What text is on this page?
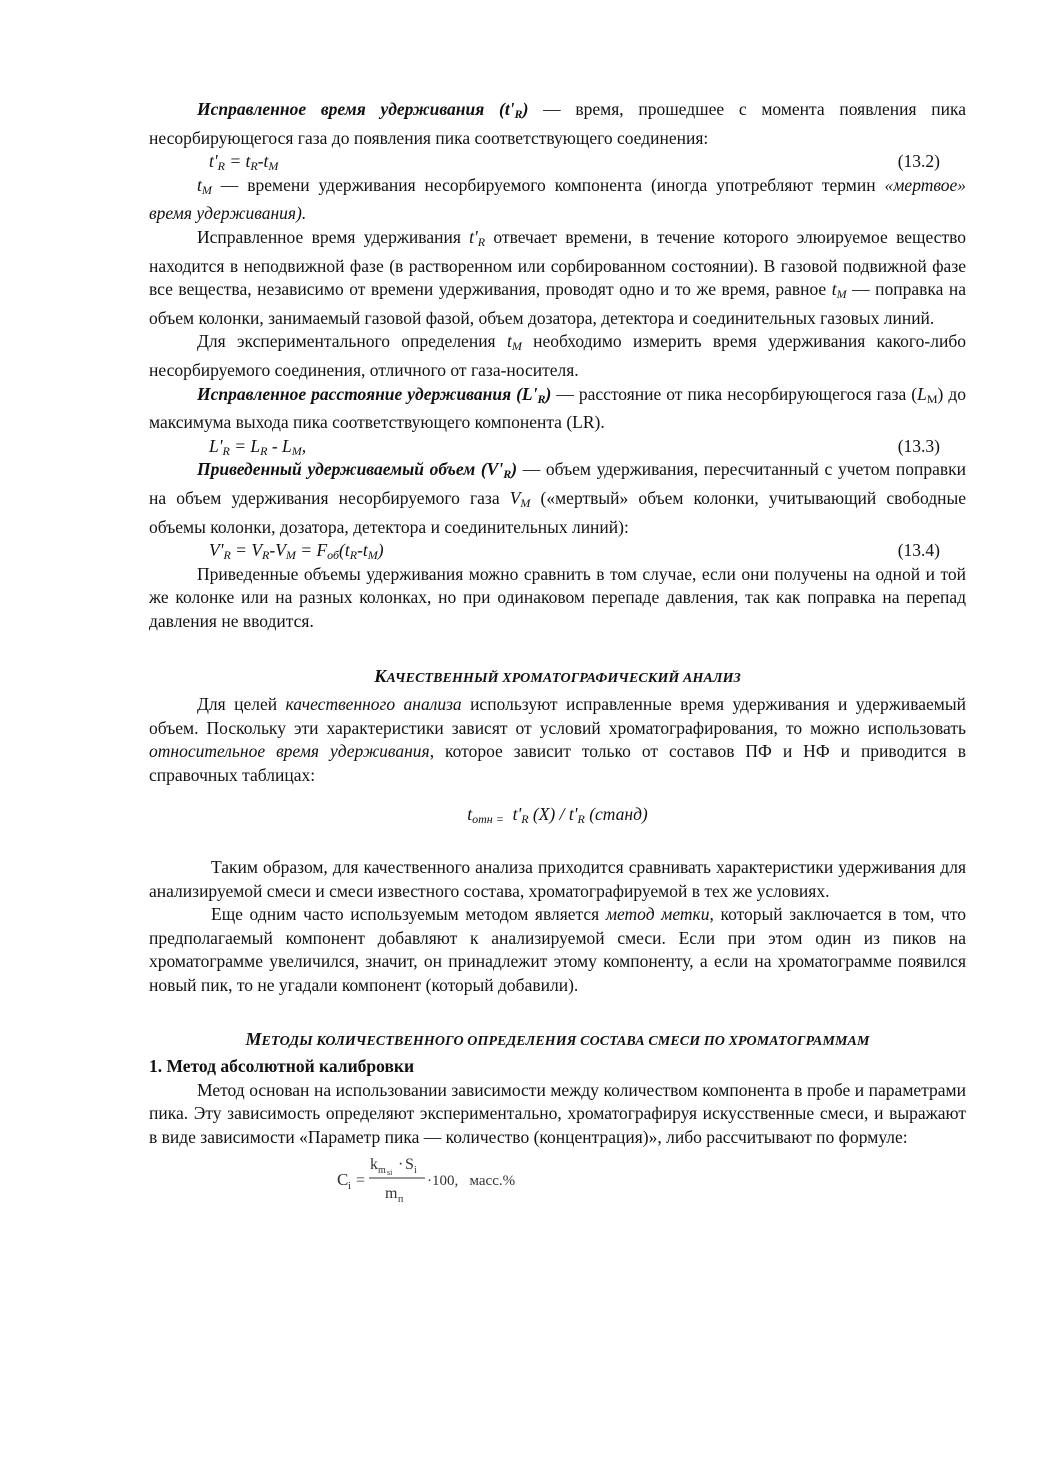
Исправленное время удерживания $(t'_R)$ — время, прошедшее с момента появления пика несорбирующегося газа до появления пика соответствующего соединения:

$t'_R = t_R-t_M$	(13.2)

$t_M$ — времени удерживания несорбируемого компонента (иногда употребляют термин «мертвое» время удерживания).

Исправленное время удерживания $t'_R$ отвечает времени, в течение которого элюируемое вещество находится в неподвижной фазе (в растворенном или сорбированном состоянии). В газовой подвижной фазе все вещества, независимо от времени удерживания, проводят одно и то же время, равное $t_M$ — поправка на объем колонки, занимаемый газовой фазой, объем дозатора, детектора и соединительных газовых линий.

Для экспериментального определения $t_M$ необходимо измерить время удерживания какого-либо несорбируемого соединения, отличного от газа-носителя.

Исправленное расстояние удерживания $(L'_R)$ — расстояние от пика несорбирующегося газа $(L_M)$ до максимума выхода пика соответствующего компонента (LR).

$L'_R = L_R - L_M$,	(13.3)

Приведенный удерживаемый объем $(V'_R)$ — объем удерживания, пересчитанный с учетом поправки на объем удерживания несорбируемого газа $V_M$ («мертвый» объем колонки, учитывающий свободные объемы колонки, дозатора, детектора и соединительных линий):

$V'_R = V_R-V_M = F_{об}(t_R-t_M)$	(13.4)

Приведенные объемы удерживания можно сравнить в том случае, если они получены на одной и той же колонке или на разных колонках, но при одинаковом перепаде давления, так как поправка на перепад давления не вводится.

КАЧЕСТВЕННЫЙ ХРОМАТОГРАФИЧЕСКИЙ АНАЛИЗ

Для целей качественного анализа используют исправленные время удерживания и удерживаемый объем. Поскольку эти характеристики зависят от условий хроматографирования, то можно использовать относительное время удерживания, которое зависит только от составов ПФ и НФ и приводится в справочных таблицах:

$t_{отн =}$ $t'_R$ $(X) / t'_R$ (станд)

Таким образом, для качественного анализа приходится сравнивать характеристики удерживания для анализируемой смеси и смеси известного состава, хроматографируемой в тех же условиях.

Еще одним часто используемым методом является метод метки, который заключается в том, что предполагаемый компонент добавляют к анализируемой смеси. Если при этом один из пиков на хроматограмме увеличился, значит, он принадлежит этому компоненту, а если на хроматограмме появился новый пик, то не угадали компонент (который добавили).

МЕТОДЫ КОЛИЧЕСТВЕННОГО ОПРЕДЕЛЕНИЯ СОСТАВА СМЕСИ ПО ХРОМАТОГРАММАМ

1. Метод абсолютной калибровки

Метод основан на использовании зависимости между количеством компонента в пробе и параметрами пика. Эту зависимость определяют экспериментально, хроматографируя искусственные смеси, и выражают в виде зависимости «Параметр пика — количество (концентрация)», либо рассчитывают по формуле:

C i =
k m si · S i
m п
·100,   масс.%
